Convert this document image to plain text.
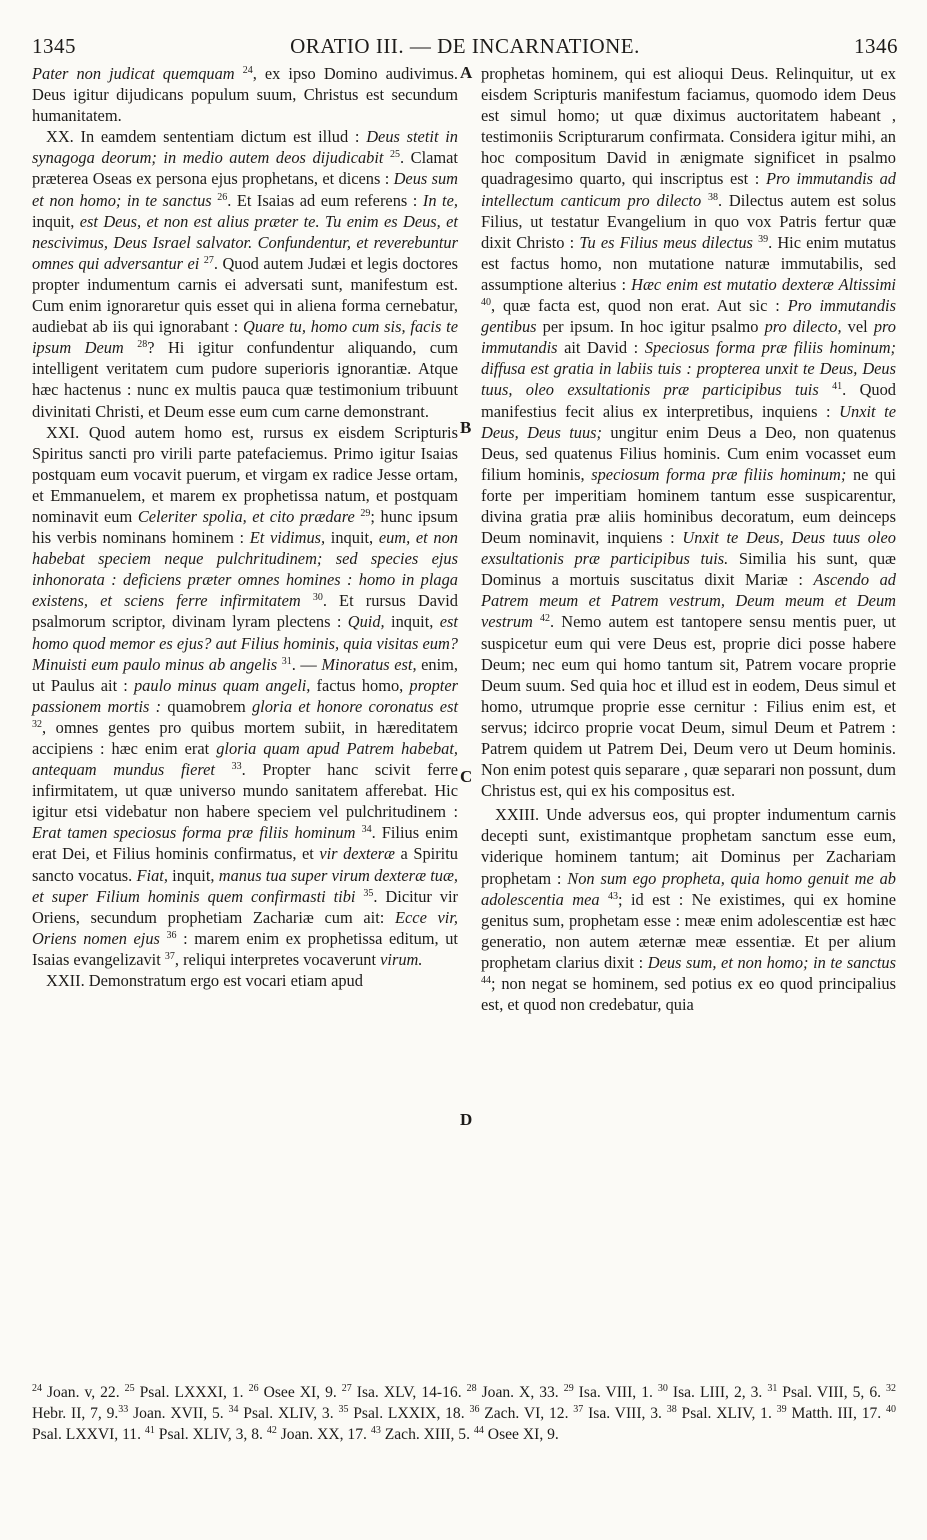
1345	ORATIO III. — DE INCARNATIONE.	1346

Pater non judicat quemquam $^{24}$, ex ipso Domino audivimus. Deus igitur dijudicans populum suum, Christus est secundum humanitatem.

XX. In eamdem sententiam dictum est illud : Deus stetit in synagoga deorum; in medio autem deos dijudicabit $^{25}$. Clamat præterea Oseas ex persona ejus prophetans, et dicens : Deus sum et non homo; in te sanctus $^{26}$. Et Isaias ad eum referens : In te, inquit, est Deus, et non est alius præter te. Tu enim es Deus, et nescivimus, Deus Israel salvator. Confundentur, et reverebuntur omnes qui adversantur ei $^{27}$. Quod autem Judæi et legis doctores propter indumentum carnis ei adversati sunt, manifestum est. Cum enim ignoraretur quis esset qui in aliena forma cernebatur, audiebat ab iis qui ignorabant : Quare tu, homo cum sis, facis te ipsum Deum $^{28}$? Hi igitur confundentur aliquando, cum intelligent veritatem cum pudore superioris ignorantiæ. Atque hæc hactenus : nunc ex multis pauca quæ testimonium tribuunt divinitati Christi, et Deum esse eum cum carne demonstrant.

XXI. Quod autem homo est, rursus ex eisdem Scripturis Spiritus sancti pro virili parte patefaciemus. Primo igitur Isaias postquam eum vocavit puerum, et virgam ex radice Jesse ortam, et Emmanuelem, et marem ex prophetissa natum, et postquam nominavit eum Celeriter spolia, et cito prædare $^{29}$; hunc ipsum his verbis nominans hominem : Et vidimus, inquit, eum, et non habebat speciem neque pulchritudinem; sed species ejus inhonorata : deficiens præter omnes homines : homo in plaga existens, et sciens ferre infirmitatem $^{30}$. Et rursus David psalmorum scriptor, divinam lyram plectens : Quid, inquit, est homo quod memor es ejus? aut Filius hominis, quia visitas eum? Minuisti eum paulo minus ab angelis $^{31}$. — Minoratus est, enim, ut Paulus ait : paulo minus quam angeli, factus homo, propter passionem mortis : quamobrem gloria et honore coronatus est $^{32}$, omnes gentes pro quibus mortem subiit, in hæreditatem accipiens : hæc enim erat gloria quam apud Patrem habebat, antequam mundus fieret $^{33}$. Propter hanc scivit ferre infirmitatem, ut quæ universo mundo sanitatem afferebat. Hic igitur etsi videbatur non habere speciem vel pulchritudinem : Erat tamen speciosus forma præ filiis hominum $^{34}$. Filius enim erat Dei, et Filius hominis confirmatus, et vir dexteræ a Spiritu sancto vocatus. Fiat, inquit, manus tua super virum dexteræ tuæ, et super Filium hominis quem confirmasti tibi $^{35}$. Dicitur vir Oriens, secundum prophetiam Zachariæ cum ait: Ecce vir, Oriens nomen ejus $^{36}$ : marem enim ex prophetissa editum, ut Isaias evangelizavit $^{37}$, reliqui interpretes vocaverunt virum.

XXII. Demonstratum ergo est vocari etiam apud

prophetas hominem, qui est alioqui Deus. Relinquitur, ut ex eisdem Scripturis manifestum faciamus, quomodo idem Deus est simul homo; ut quæ diximus auctoritatem habeant , testimoniis Scripturarum confirmata. Considera igitur mihi, an hoc compositum David in ænigmate significet in psalmo quadragesimo quarto, qui inscriptus est : Pro immutandis ad intellectum canticum pro dilecto $^{38}$. Dilectus autem est solus Filius, ut testatur Evangelium in quo vox Patris fertur quæ dixit Christo : Tu es Filius meus dilectus $^{39}$. Hic enim mutatus est factus homo, non mutatione naturæ immutabilis, sed assumptione alterius : Hæc enim est mutatio dexteræ Altissimi $^{40}$, quæ facta est, quod non erat. Aut sic : Pro immutandis gentibus per ipsum. In hoc igitur psalmo pro dilecto, vel pro immutandis ait David : Speciosus forma præ filiis hominum; diffusa est gratia in labiis tuis : propterea unxit te Deus, Deus tuus, oleo exsultationis præ participibus tuis $^{41}$. Quod manifestius fecit alius ex interpretibus, inquiens : Unxit te Deus, Deus tuus; ungitur enim Deus a Deo, non quatenus Deus, sed quatenus Filius hominis. Cum enim vocasset eum filium hominis, speciosum forma præ filiis hominum; ne qui forte per imperitiam hominem tantum esse suspicarentur, divina gratia præ aliis hominibus decoratum, eum deinceps Deum nominavit, inquiens : Unxit te Deus, Deus tuus oleo exsultationis præ participibus tuis. Similia his sunt, quæ Dominus a mortuis suscitatus dixit Mariæ : Ascendo ad Patrem meum et Patrem vestrum, Deum meum et Deum vestrum $^{42}$. Nemo autem est tantopere sensu mentis puer, ut suspicetur eum qui vere Deus est, proprie dici posse habere Deum; nec eum qui homo tantum sit, Patrem vocare proprie Deum suum. Sed quia hoc et illud est in eodem, Deus simul et homo, utrumque proprie esse cernitur : Filius enim est, et servus; idcirco proprie vocat Deum, simul Deum et Patrem : Patrem quidem ut Patrem Dei, Deum vero ut Deum hominis. Non enim potest quis separare , quæ separari non possunt, dum Christus est, qui ex his compositus est.

XXIII. Unde adversus eos, qui propter indumentum carnis decepti sunt, existimantque prophetam sanctum esse eum, viderique hominem tantum; ait Dominus per Zachariam prophetam : Non sum ego propheta, quia homo genuit me ab adolescentia mea $^{43}$; id est : Ne existimes, qui ex homine genitus sum, prophetam esse : meæ enim adolescentiæ est hæc generatio, non autem æternæ meæ essentiæ. Et per alium prophetam clarius dixit : Deus sum, et non homo; in te sanctus $^{44}$; non negat se hominem, sed potius ex eo quod principalius est, et quod non credebatur, quia

A
B
C
D

$^{24}$ Joan. v, 22. $^{25}$ Psal. LXXXI, 1. $^{26}$ Osee XI, 9. $^{27}$ Isa. XLV, 14-16. $^{28}$ Joan. X, 33. $^{29}$ Isa. VIII, 1. $^{30}$ Isa. LIII, 2, 3. $^{31}$ Psal. VIII, 5, 6. $^{32}$ Hebr. II, 7, 9.33 Joan. XVII, 5. $^{34}$ Psal. XLIV, 3. $^{35}$ Psal. LXXIX, 18. $^{36}$ Zach. VI, 12. $^{37}$ Isa. VIII, 3. $^{38}$ Psal. XLIV, 1. $^{39}$ Matth. III, 17. $^{40}$ Psal. LXXVI, 11. $^{41}$ Psal. XLIV, 3, 8. $^{42}$ Joan. XX, 17. $^{43}$ Zach. XIII, 5. $^{44}$ Osee XI, 9.
